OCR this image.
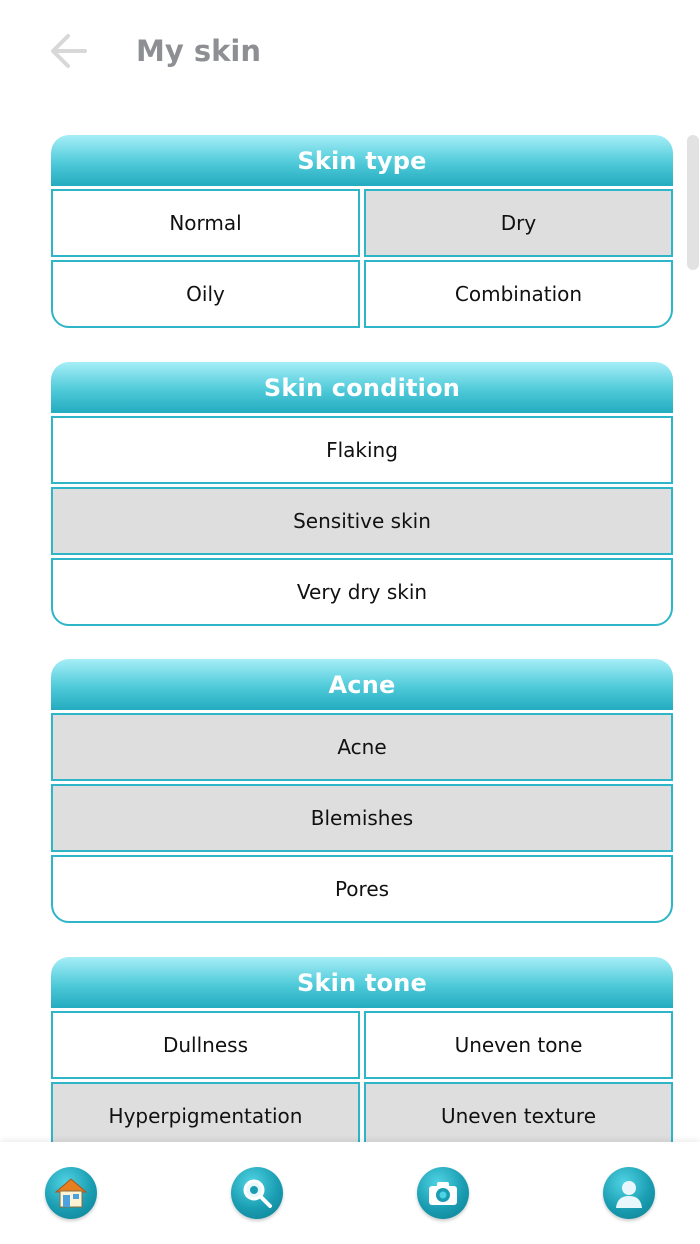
My skin
Skin type
Normal	Dry
Oily	Combination
Skin condition
Flaking
Sensitive skin
Very dry skin
Acne
Acne
Blemishes
Pores
Skin tone
Dullness	Uneven tone
Hyperpigmentation	Uneven texture
